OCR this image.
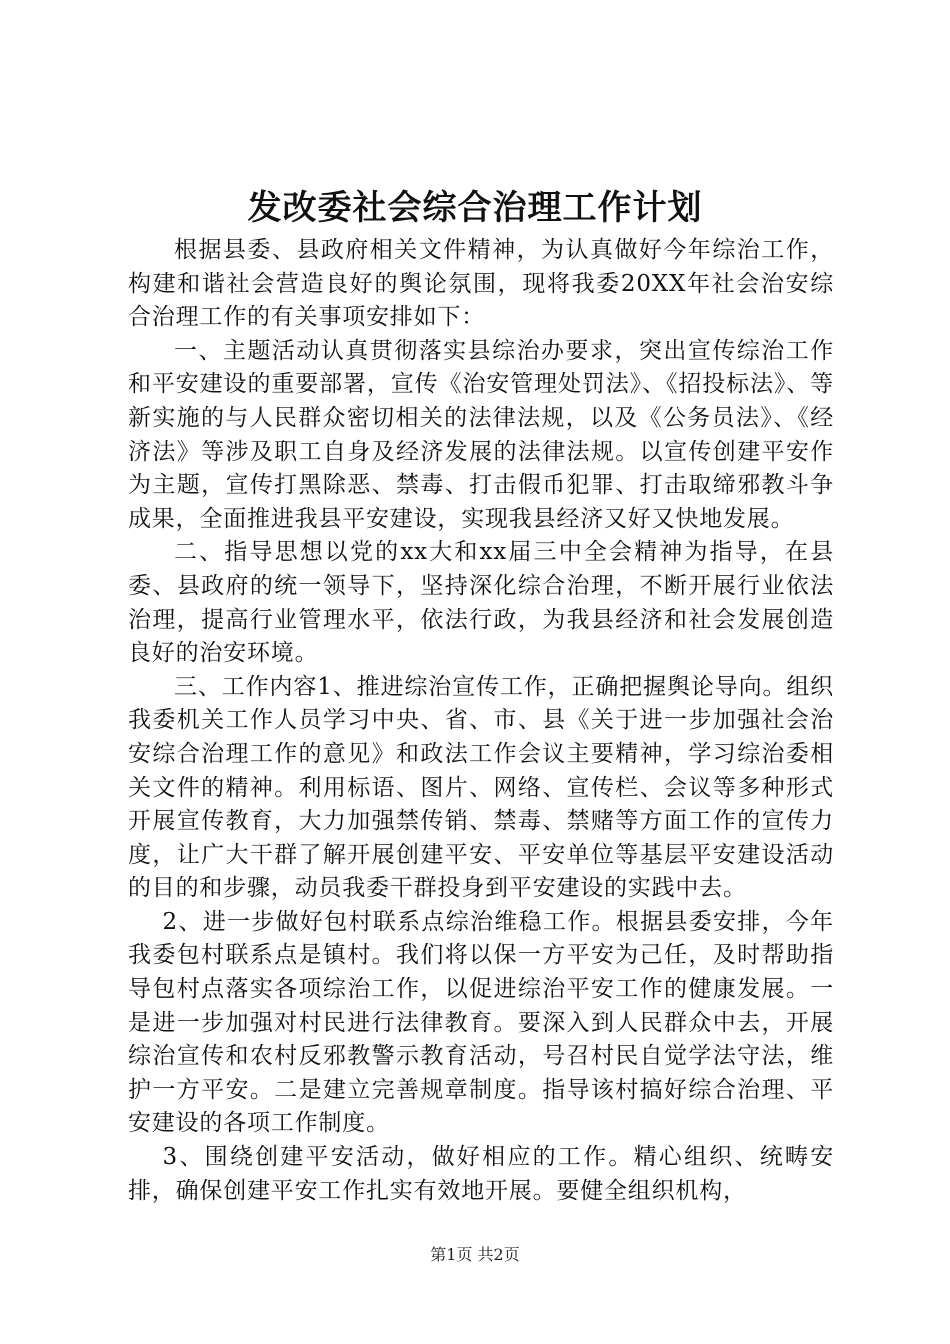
发改委社会综合治理工作计划

根据县委、县政府相关文件精神，为认真做好今年综治工作，构建和谐社会营造良好的舆论氛围，现将我委20XX年社会治安综合治理工作的有关事项安排如下：

一、主题活动认真贯彻落实县综治办要求，突出宣传综治工作和平安建设的重要部署，宣传《治安管理处罚法》、《招投标法》、等新实施的与人民群众密切相关的法律法规，以及《公务员法》、《经济法》等涉及职工自身及经济发展的法律法规。以宣传创建平安作为主题，宣传打黑除恶、禁毒、打击假币犯罪、打击取缔邪教斗争成果，全面推进我县平安建设，实现我县经济又好又快地发展。

二、指导思想以党的xx大和xx届三中全会精神为指导，在县委、县政府的统一领导下，坚持深化综合治理，不断开展行业依法治理，提高行业管理水平，依法行政，为我县经济和社会发展创造良好的治安环境。

三、工作内容1、推进综治宣传工作，正确把握舆论导向。组织我委机关工作人员学习中央、省、市、县《关于进一步加强社会治安综合治理工作的意见》和政法工作会议主要精神，学习综治委相关文件的精神。利用标语、图片、网络、宣传栏、会议等多种形式开展宣传教育，大力加强禁传销、禁毒、禁赌等方面工作的宣传力度，让广大干群了解开展创建平安、平安单位等基层平安建设活动的目的和步骤，动员我委干群投身到平安建设的实践中去。

2、进一步做好包村联系点综治维稳工作。根据县委安排，今年我委包村联系点是镇村。我们将以保一方平安为己任，及时帮助指导包村点落实各项综治工作，以促进综治平安工作的健康发展。一是进一步加强对村民进行法律教育。要深入到人民群众中去，开展综治宣传和农村反邪教警示教育活动，号召村民自觉学法守法，维护一方平安。二是建立完善规章制度。指导该村搞好综合治理、平安建设的各项工作制度。

3、围绕创建平安活动，做好相应的工作。精心组织、统畴安排，确保创建平安工作扎实有效地开展。要健全组织机构，

第1页 共2页
